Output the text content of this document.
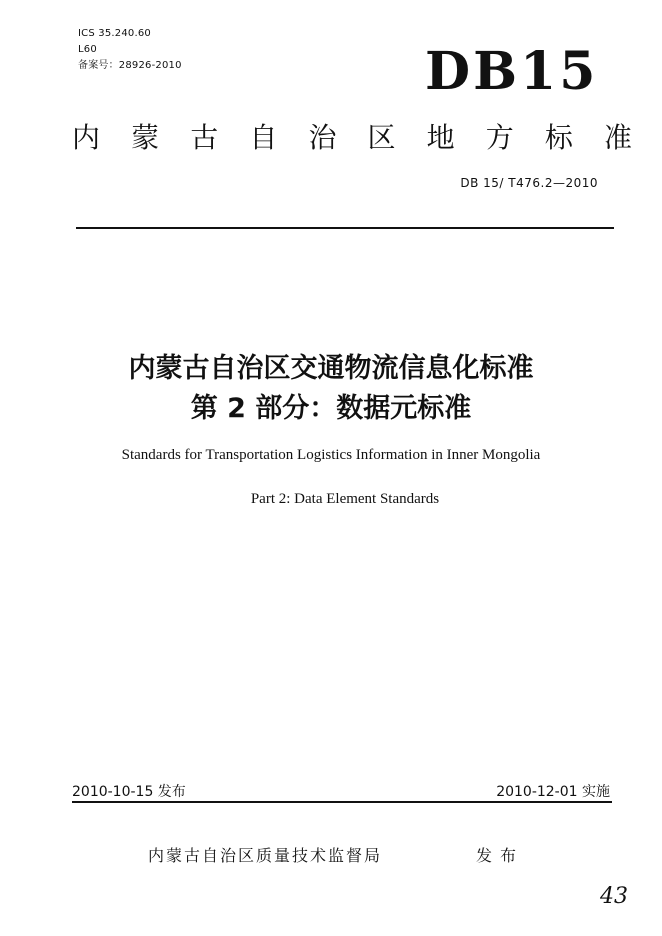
ICS 35.240.60
L60
备案号：28926-2010	DB15
内 蒙 古 自 治 区 地 方 标 准
DB 15/ T476.2—2010
内蒙古自治区交通物流信息化标准
第 2 部分：数据元标准
Standards for Transportation Logistics Information in Inner Mongolia
Part 2: Data Element Standards
2010-10-15 发布	2010-12-01 实施
内蒙古自治区质量技术监督局	发布
43
